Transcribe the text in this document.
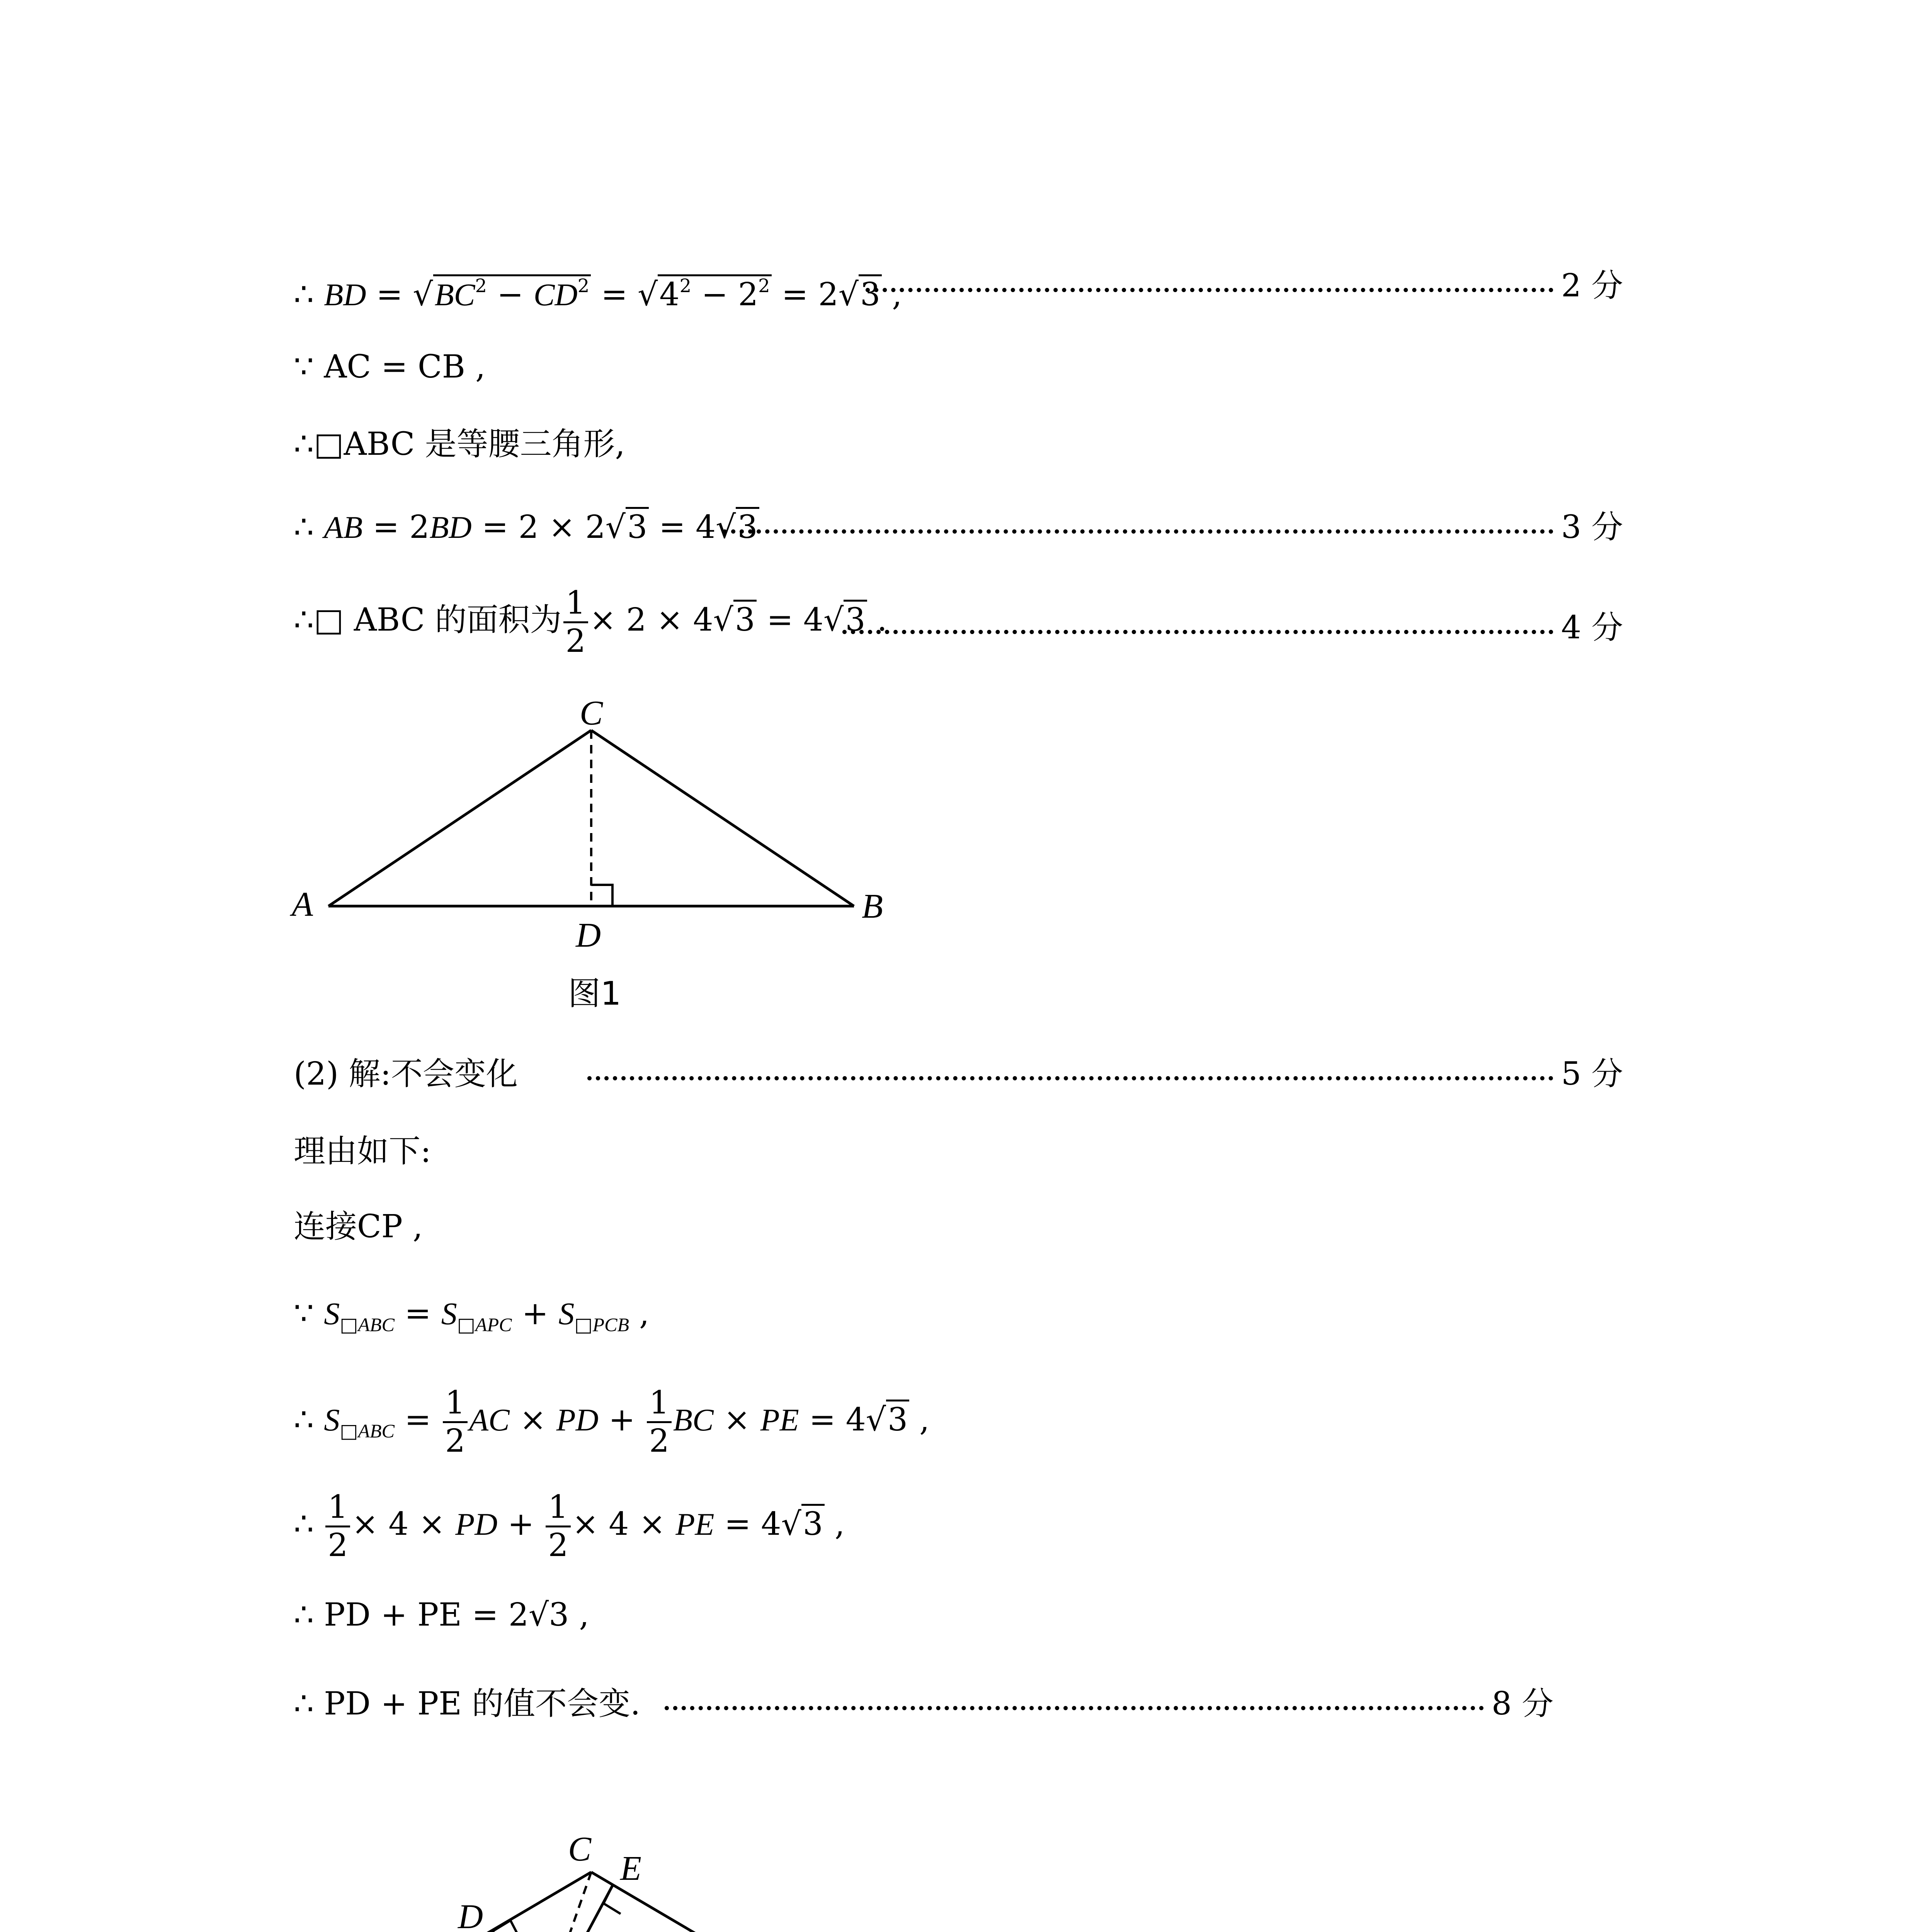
∴ BD = $√BC^2 - CD^2 = √4^2 - 2^2 = 2√3$ ,	2 分
∵ AC = CB ,
∴□ABC 是等腰三角形,
∴ AB = 2BD = 2 × 2√3 = 4√3	3 分
∴□ ABC 的面积为 $\frac{1}{2} \times 2 \times 4√3 = 4√3$ .	4 分
C
A	B
D
图1
(2) 解:不会变化	5 分
理由如下:
连接CP ,
∵ $S_{□ABC} = S_{□APC} + S_{□PCB}$ ,
∴ $S_{□ABC} = \frac{1}{2}$ AC × PD + $\frac{1}{2}$ BC × PE = 4√3 ,
∴ $\frac{1}{2} \times 4$ × PD + $\frac{1}{2} \times 4$ × PE = 4√3 ,
∴ PD + PE = 2√3 ,
∴ PD + PE 的值不会变.	8 分
C
E
D
